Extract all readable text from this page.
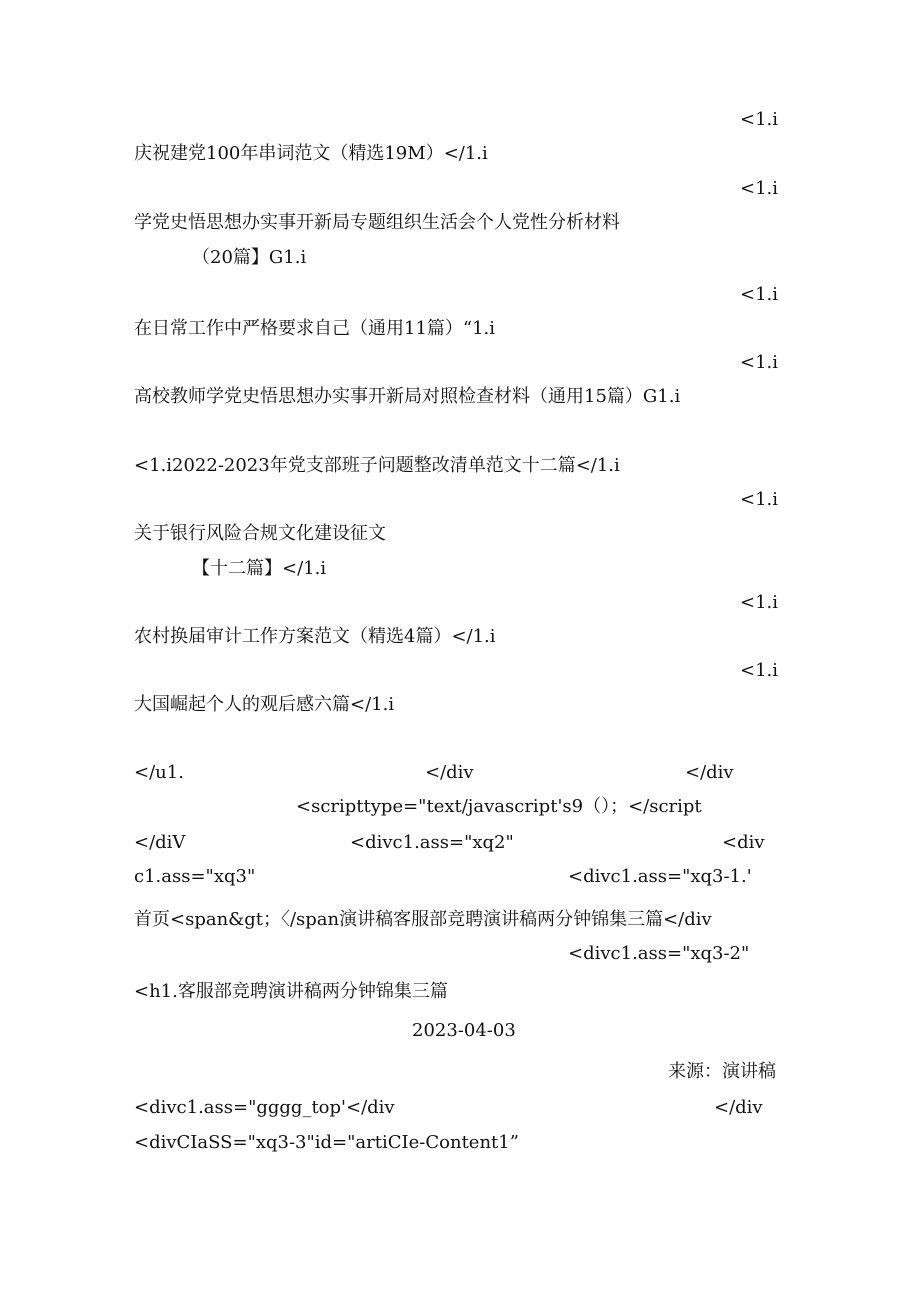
<1.i
庆祝建党100年串词范文（精选19M）</1.i
<1.i
学党史悟思想办实事开新局专题组织生活会个人党性分析材料
（20篇】G1.i
<1.i
在日常工作中严格要求自己（通用11篇）“1.i
<1.i
高校教师学党史悟思想办实事开新局对照检查材料（通用15篇）G1.i
<1.i2022-2023年党支部班子问题整改清单范文十二篇</1.i
<1.i
关于银行风险合规文化建设征文
【十二篇】</1.i
<1.i
农村换届审计工作方案范文（精选4篇）</1.i
<1.i
大国崛起个人的观后感六篇</1.i
</u1.	</div	</div
<scripttype="text/javascript's9（）；</script
</diV	<divc1.ass="xq2"	<div
c1.ass="xq3"	<divc1.ass="xq3-1.'
首页<span&gt；〈/span演讲稿客服部竞聘演讲稿两分钟锦集三篇</div
<divc1.ass="xq3-2"
<h1.客服部竞聘演讲稿两分钟锦集三篇
2023-04-03
来源：演讲稿
<divc1.ass="gggg_top'</div	</div
<divCIaSS="xq3-3"id="artiCIe-Content1”
